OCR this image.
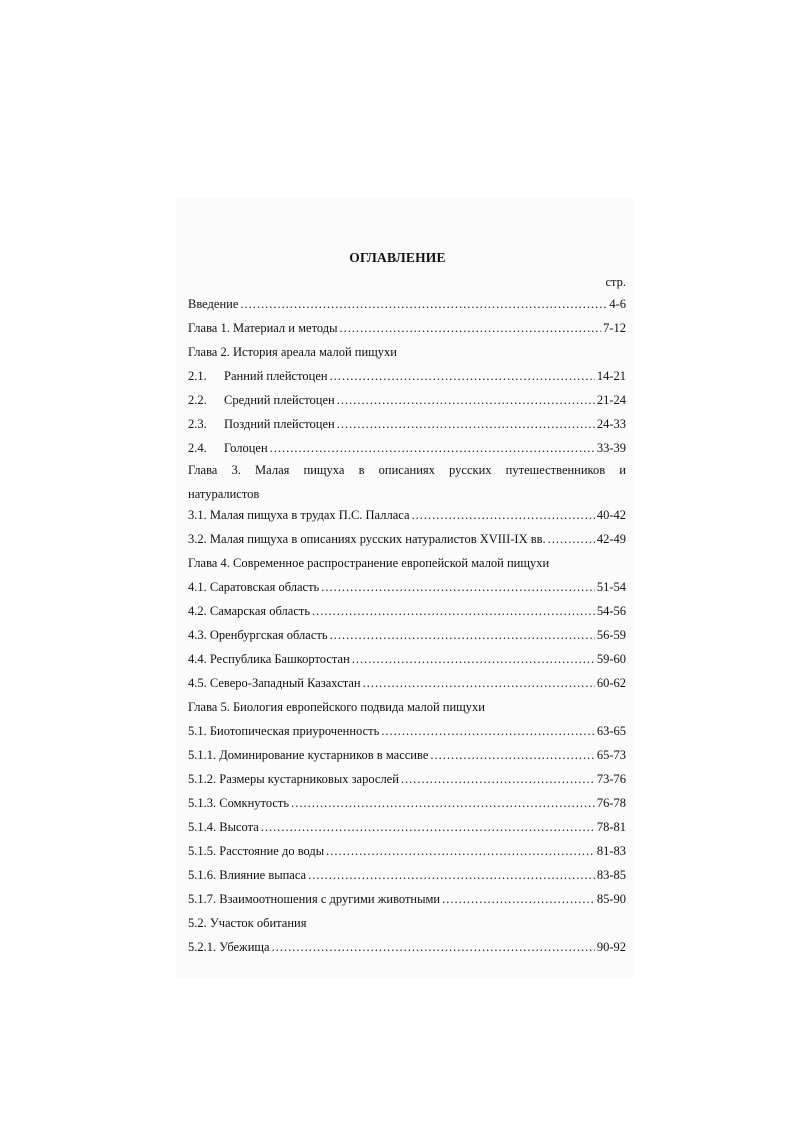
ОГЛАВЛЕНИЕ
стр.
Введение .....	4-6
Глава 1. Материал и методы .....	7-12
Глава 2. История ареала малой пищухи
2.1.	Ранний плейстоцен .....	14-21
2.2.	Средний плейстоцен .....	21-24
2.3.	Поздний плейстоцен .....	24-33
2.4.	Голоцен .....	33-39
Глава 3. Малая пищуха в описаниях русских путешественников и
натуралистов
3.1. Малая пищуха в трудах П.С. Палласа .....	40-42
3.2. Малая пищуха в описаниях русских натуралистов XVIII-IX вв. .....	42-49
Глава 4. Современное распространение европейской малой пищухи
4.1. Саратовская область .....	51-54
4.2. Самарская область .....	54-56
4.3. Оренбургская область .....	56-59
4.4. Республика Башкортостан .....	59-60
4.5. Северо-Западный Казахстан .....	60-62
Глава 5. Биология европейского подвида малой пищухи
5.1. Биотопическая приуроченность .....	63-65
5.1.1. Доминирование кустарников в массиве .....	65-73
5.1.2. Размеры кустарниковых зарослей .....	73-76
5.1.3. Сомкнутость .....	76-78
5.1.4. Высота .....	78-81
5.1.5. Расстояние до воды .....	81-83
5.1.6. Влияние выпаса .....	83-85
5.1.7. Взаимоотношения с другими животными .....	85-90
5.2. Участок обитания
5.2.1. Убежища .....	90-92
